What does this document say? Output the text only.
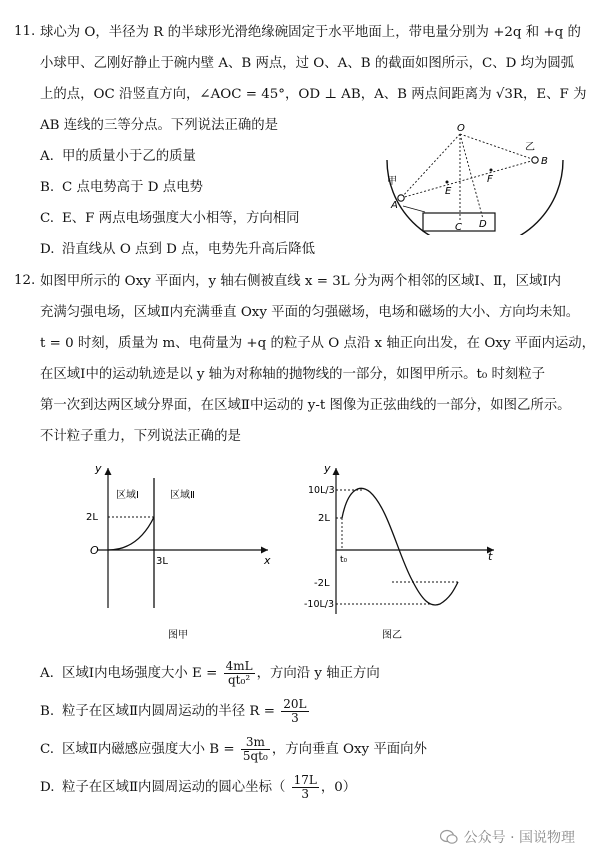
11. 球心为 O，半径为 R 的半球形光滑绝缘碗固定于水平地面上，带电量分别为 +2q 和 +q 的
小球甲、乙刚好静止于碗内壁 A、B 两点，过 O、A、B 的截面如图所示，C、D 均为圆弧
上的点，OC 沿竖直方向，∠AOC = 45°，OD ⊥ AB，A、B 两点间距离为 √3R，E、F 为
AB 连线的三等分点。下列说法正确的是
A. 甲的质量小于乙的质量
B. C 点电势高于 D 点电势
C. E、F 两点电场强度大小相等，方向相同
D. 沿直线从 O 点到 D 点，电势先升高后降低
O
甲
A
乙
B
E
F
C D
12. 如图甲所示的 Oxy 平面内，y 轴右侧被直线 x = 3L 分为两个相邻的区域Ⅰ、Ⅱ，区域Ⅰ内
充满匀强电场，区域Ⅱ内充满垂直 Oxy 平面的匀强磁场，电场和磁场的大小、方向均未知。
t = 0 时刻，质量为 m、电荷量为 +q 的粒子从 O 点沿 x 轴正向出发，在 Oxy 平面内运动，
在区域Ⅰ中的运动轨迹是以 y 轴为对称轴的抛物线的一部分，如图甲所示。t₀ 时刻粒子
第一次到达两区域分界面，在区域Ⅱ中运动的 y-t 图像为正弦曲线的一部分，如图乙所示。
不计粒子重力，下列说法正确的是
y
x
O
2L
3L
区域Ⅰ	区域Ⅱ
图甲
y
t
10L/3
2L
-2L
-10L/3
t₀
图乙
A. 区域Ⅰ内电场强度大小 $E = \frac{4mL}{\text{qt₀²}}$ ，方向沿 y 轴正方向
B. 粒子在区域Ⅱ内圆周运动的半径 $R = \frac{20L}{3}$
C. 区域Ⅱ内磁感应强度大小 $B = \frac{3m}{\text{5qt₀}}$ ，方向垂直 Oxy 平面向外
D. 粒子在区域Ⅱ内圆周运动的圆心坐标（ $\frac{17L}{3}$ ，0）
公众号 · 国说物理
